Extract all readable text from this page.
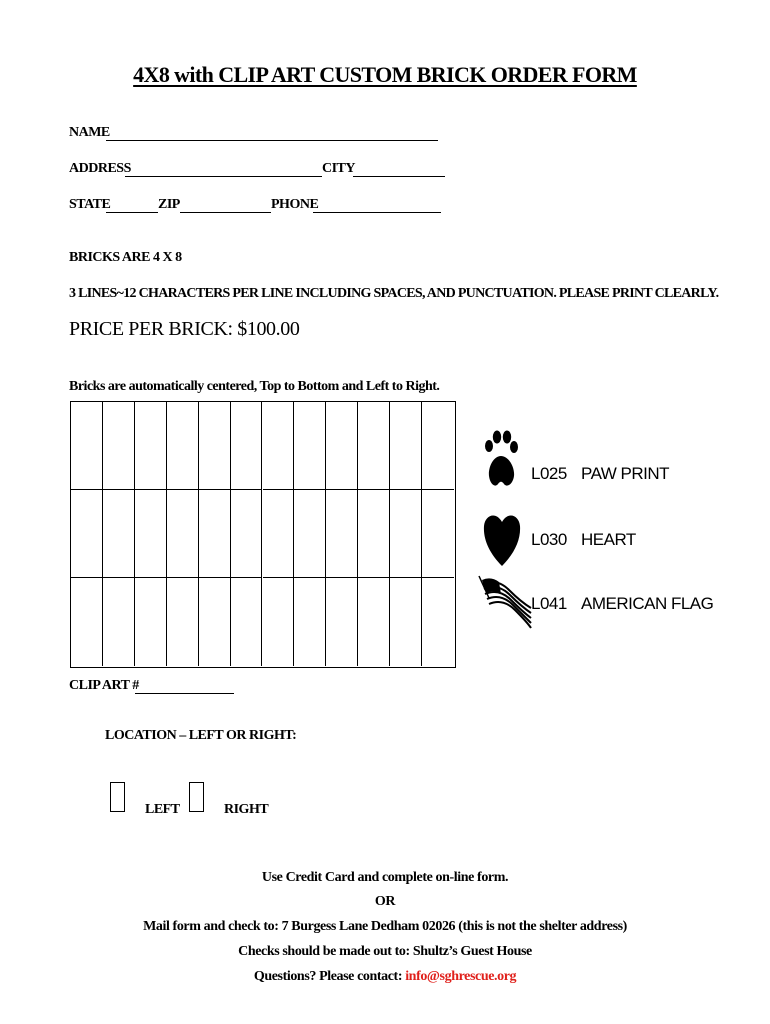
4X8 with CLIP ART CUSTOM BRICK ORDER FORM
NAME
ADDRESS	CITY
STATE	ZIP	PHONE
BRICKS ARE 4 X 8
3 LINES~12 CHARACTERS PER LINE INCLUDING SPACES, AND PUNCTUATION. PLEASE PRINT CLEARLY.
PRICE PER BRICK: $100.00
Bricks are automatically centered, Top to Bottom and Left to Right.
L025 PAW PRINT
L030 HEART
L041 AMERICAN FLAG
CLIP ART #
LOCATION – LEFT OR RIGHT:
LEFT	RIGHT
Use Credit Card and complete on-line form.
OR
Mail form and check to: 7 Burgess Lane Dedham 02026 (this is not the shelter address)
Checks should be made out to: Shultz’s Guest House
Questions? Please contact: info@sghrescue.org
